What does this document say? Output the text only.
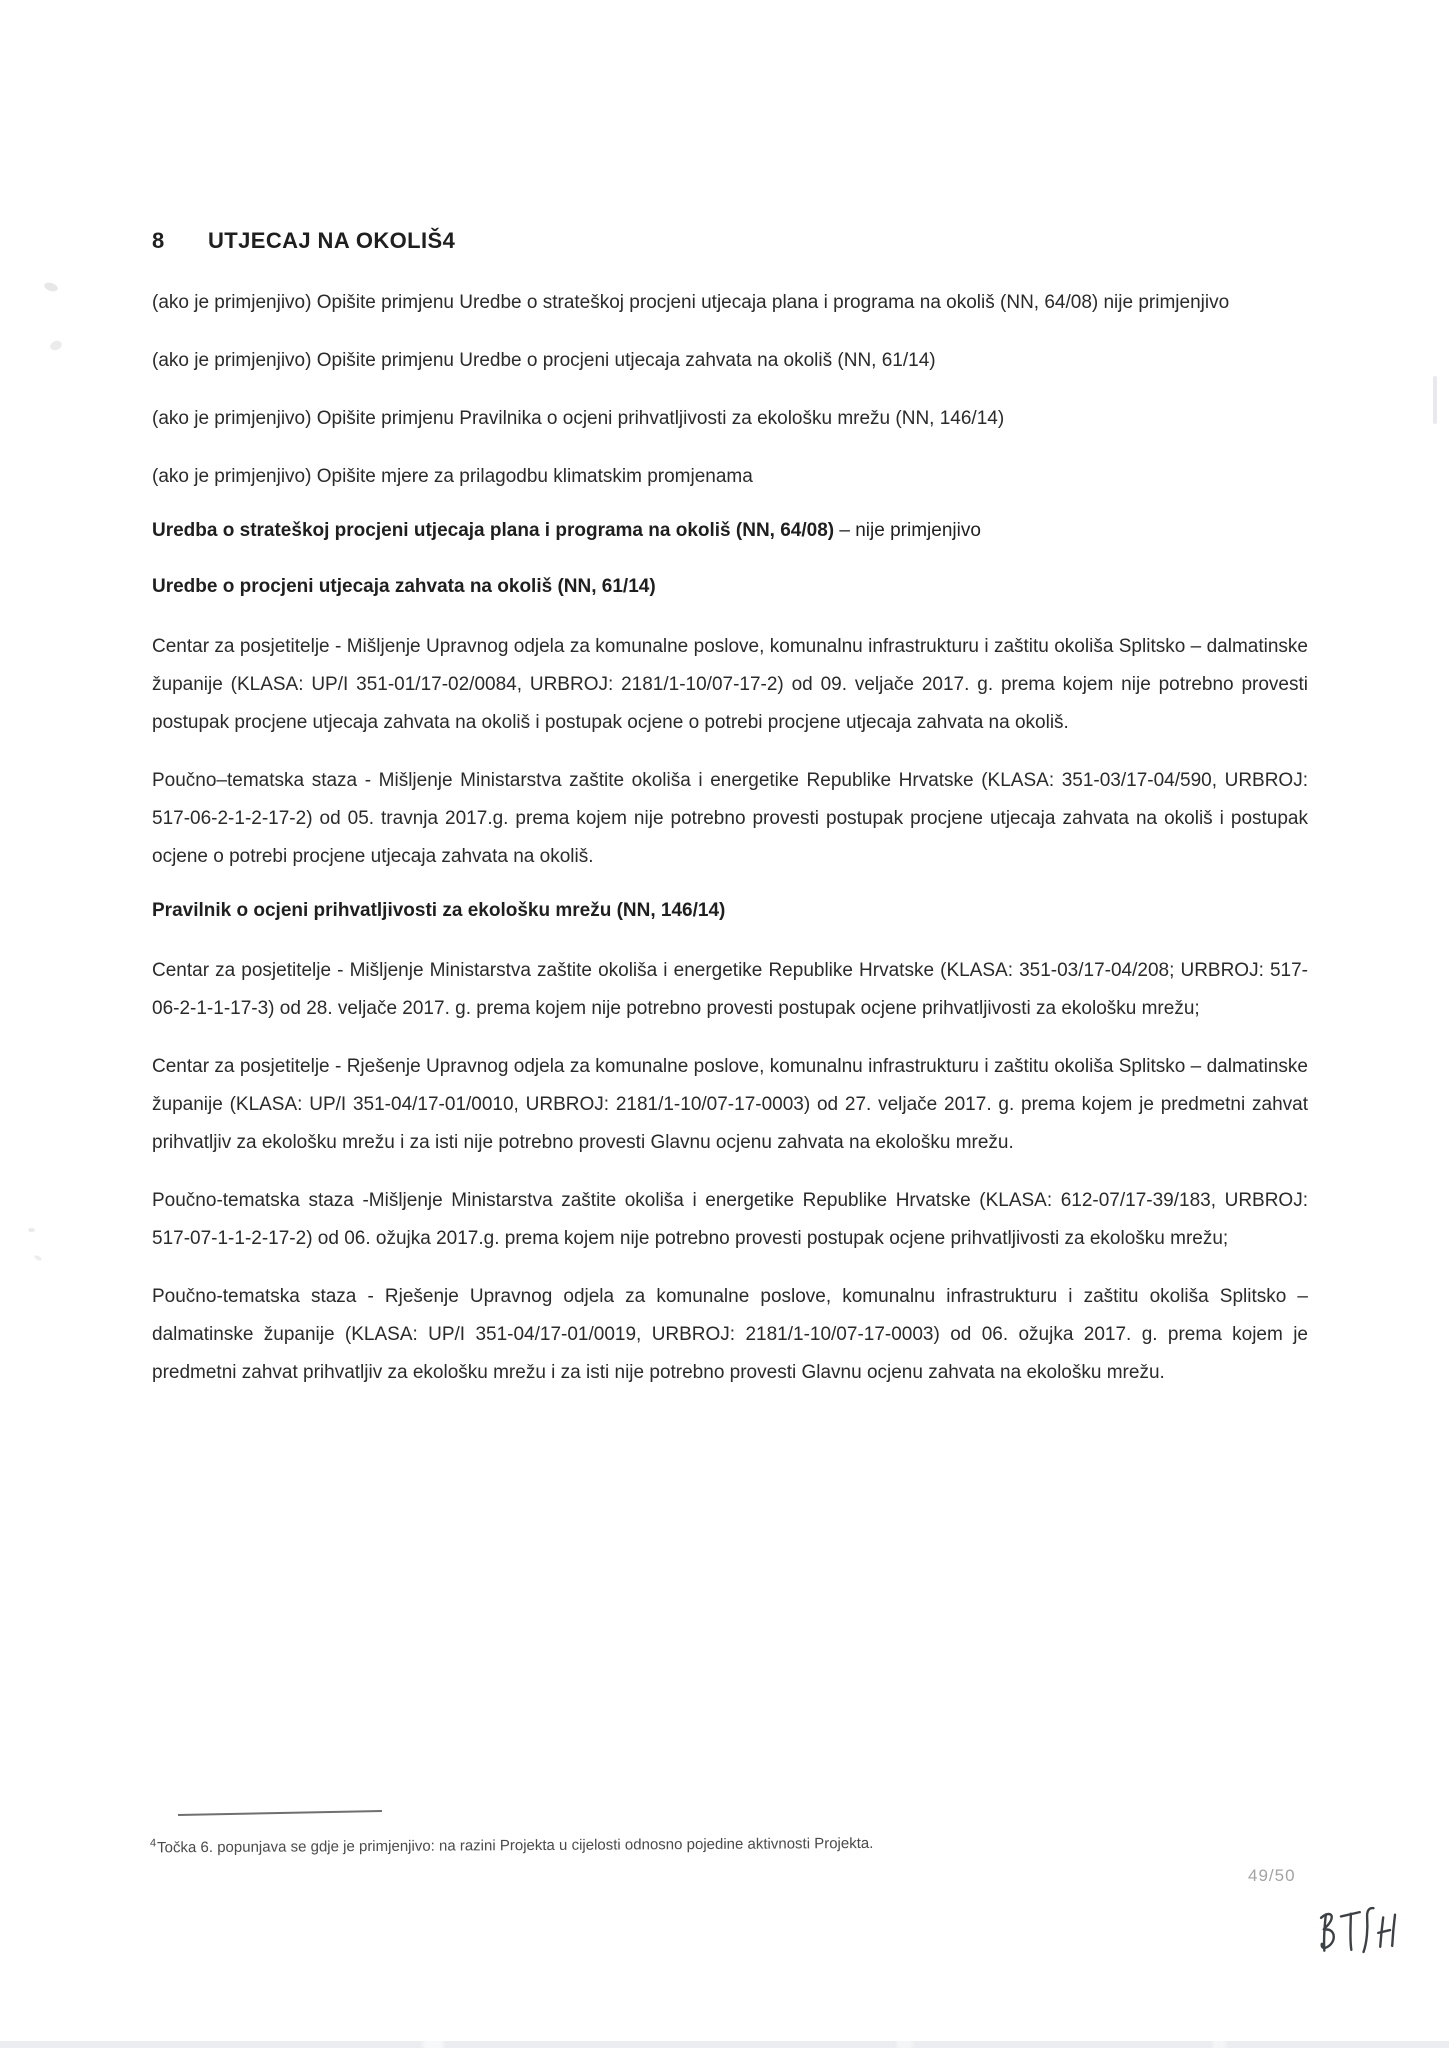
8	UTJECAJ NA OKOLIŠ 4

(ako je primjenjivo) Opišite primjenu Uredbe o strateškoj procjeni utjecaja plana i programa na okoliš (NN, 64/08) nije primjenjivo

(ako je primjenjivo) Opišite primjenu Uredbe o procjeni utjecaja zahvata na okoliš (NN, 61/14)

(ako je primjenjivo) Opišite primjenu Pravilnika o ocjeni prihvatljivosti za ekološku mrežu (NN, 146/14)

(ako je primjenjivo) Opišite mjere za prilagodbu klimatskim promjenama

Uredba o strateškoj procjeni utjecaja plana i programa na okoliš (NN, 64/08) – nije primjenjivo
Uredbe o procjeni utjecaja zahvata na okoliš (NN, 61/14)

Centar za posjetitelje - Mišljenje Upravnog odjela za komunalne poslove, komunalnu infrastrukturu i zaštitu okoliša Splitsko – dalmatinske županije (KLASA: UP/I 351-01/17-02/0084, URBROJ: 2181/1-10/07-17-2) od 09. veljače 2017. g. prema kojem nije potrebno provesti postupak procjene utjecaja zahvata na okoliš i postupak ocjene o potrebi procjene utjecaja zahvata na okoliš.

Poučno–tematska staza - Mišljenje Ministarstva zaštite okoliša i energetike Republike Hrvatske (KLASA: 351-03/17-04/590, URBROJ: 517-06-2-1-2-17-2) od 05. travnja 2017.g. prema kojem nije potrebno provesti postupak procjene utjecaja zahvata na okoliš i postupak ocjene o potrebi procjene utjecaja zahvata na okoliš.

Pravilnik o ocjeni prihvatljivosti za ekološku mrežu (NN, 146/14)

Centar za posjetitelje - Mišljenje Ministarstva zaštite okoliša i energetike Republike Hrvatske (KLASA: 351-03/17-04/208; URBROJ: 517-06-2-1-1-17-3) od 28. veljače 2017. g. prema kojem nije potrebno provesti postupak ocjene prihvatljivosti za ekološku mrežu;

Centar za posjetitelje - Rješenje Upravnog odjela za komunalne poslove, komunalnu infrastrukturu i zaštitu okoliša Splitsko – dalmatinske županije (KLASA: UP/I 351-04/17-01/0010, URBROJ: 2181/1-10/07-17-0003) od 27. veljače 2017. g. prema kojem je predmetni zahvat prihvatljiv za ekološku mrežu i za isti nije potrebno provesti Glavnu ocjenu zahvata na ekološku mrežu.

Poučno-tematska staza -Mišljenje Ministarstva zaštite okoliša i energetike Republike Hrvatske (KLASA: 612-07/17-39/183, URBROJ: 517-07-1-1-2-17-2) od 06. ožujka 2017.g. prema kojem nije potrebno provesti postupak ocjene prihvatljivosti za ekološku mrežu;

Poučno-tematska staza - Rješenje Upravnog odjela za komunalne poslove, komunalnu infrastrukturu i zaštitu okoliša Splitsko – dalmatinske županije (KLASA: UP/I 351-04/17-01/0019, URBROJ: 2181/1-10/07-17-0003) od 06. ožujka 2017. g. prema kojem je predmetni zahvat prihvatljiv za ekološku mrežu i za isti nije potrebno provesti Glavnu ocjenu zahvata na ekološku mrežu.

$^4$Točka 6. popunjava se gdje je primjenjivo: na razini Projekta u cijelosti odnosno pojedine aktivnosti Projekta.
49/50
